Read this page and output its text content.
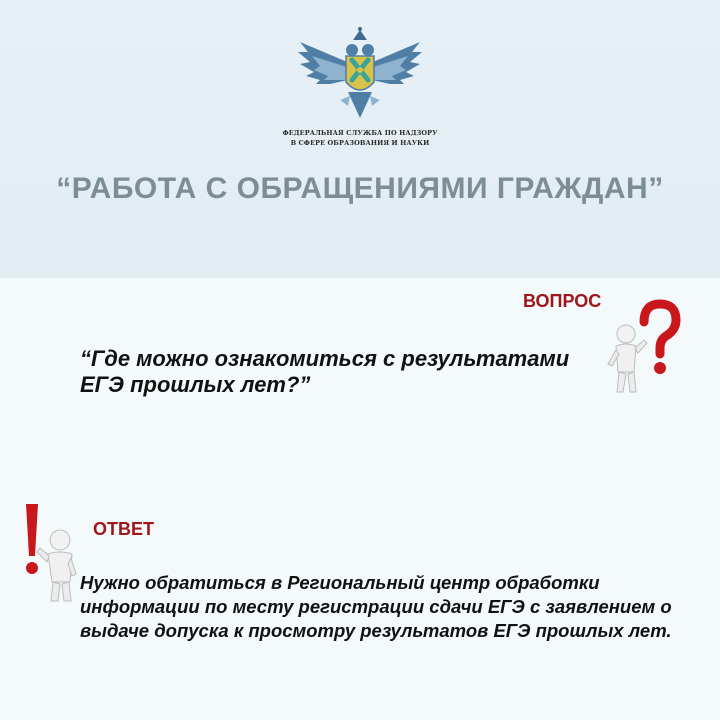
ФЕДЕРАЛЬНАЯ СЛУЖБА ПО НАДЗОРУ
В СФЕРЕ ОБРАЗОВАНИЯ И НАУКИ
“РАБОТА С ОБРАЩЕНИЯМИ ГРАЖДАН”
ВОПРОС
“Где можно ознакомиться с результатами ЕГЭ прошлых лет?”
ОТВЕТ
Нужно обратиться в Региональный центр обработки информации по месту регистрации сдачи ЕГЭ с заявлением о выдаче допуска к просмотру результатов ЕГЭ прошлых лет.
